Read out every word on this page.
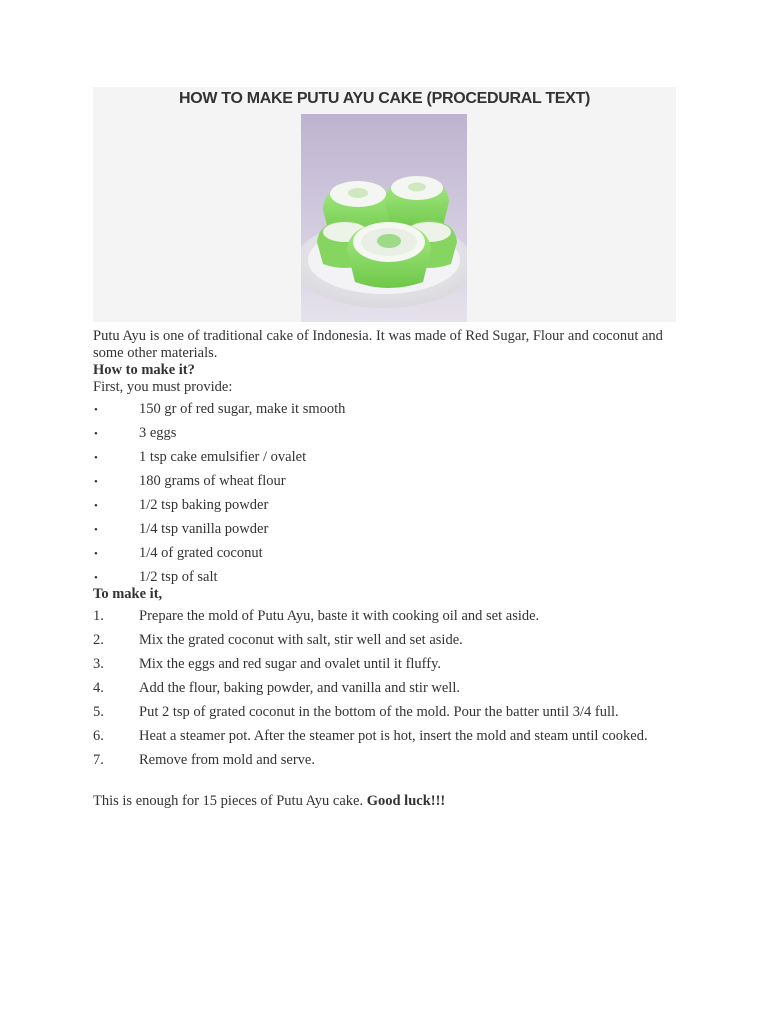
HOW TO MAKE PUTU AYU CAKE (PROCEDURAL TEXT)

Putu Ayu is one of traditional cake of Indonesia. It was made of Red Sugar, Flour and coconut and some other materials.

How to make it?

First, you must provide:

•	150 gr of red sugar, make it smooth
•	3 eggs
•	1 tsp cake emulsifier / ovalet
•	180 grams of wheat flour
•	1/2 tsp baking powder
•	1/4 tsp vanilla powder
•	1/4 of grated coconut
•	1/2 tsp of salt

To make it,

1. Prepare the mold of Putu Ayu, baste it with cooking oil and set aside.
2. Mix the grated coconut with salt, stir well and set aside.
3. Mix the eggs and red sugar and ovalet until it fluffy.
4. Add the flour, baking powder, and vanilla and stir well.
5. Put 2 tsp of grated coconut in the bottom of the mold. Pour the batter until 3/4 full.
6. Heat a steamer pot. After the steamer pot is hot, insert the mold and steam until cooked.
7. Remove from mold and serve.

This is enough for 15 pieces of Putu Ayu cake. Good luck!!!
